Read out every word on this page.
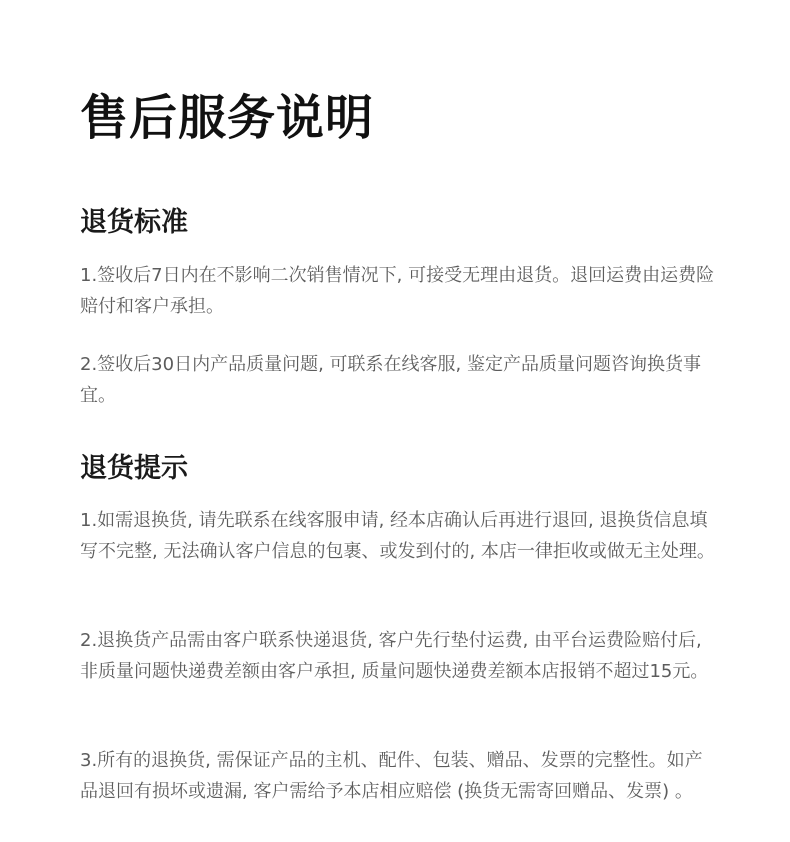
售后服务说明
退货标准

1.签收后7日内在不影响二次销售情况下, 可接受无理由退货。退回运费由运费险赔付和客户承担。

2.签收后30日内产品质量问题, 可联系在线客服, 鉴定产品质量问题咨询换货事宜。

退货提示

1.如需退换货, 请先联系在线客服申请, 经本店确认后再进行退回, 退换货信息填写不完整, 无法确认客户信息的包裹、或发到付的, 本店一律拒收或做无主处理。

2.退换货产品需由客户联系快递退货, 客户先行垫付运费, 由平台运费险赔付后, 非质量问题快递费差额由客户承担, 质量问题快递费差额本店报销不超过15元。

3.所有的退换货, 需保证产品的主机、配件、包装、赠品、发票的完整性。如产品退回有损坏或遗漏, 客户需给予本店相应赔偿 (换货无需寄回赠品、发票) 。
